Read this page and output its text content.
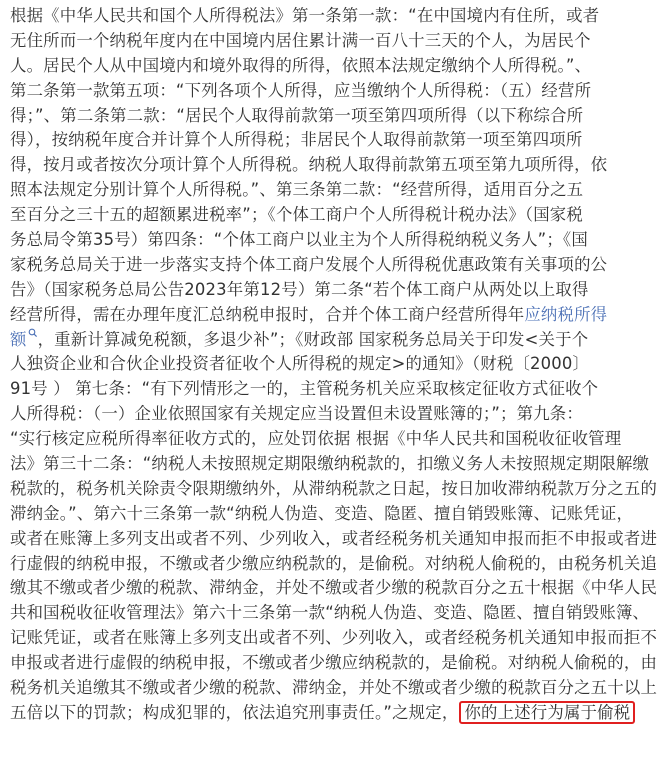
根据《中华人民共和国个人所得税法》第一条第一款：“在中国境内有住所，或者
无住所而一个纳税年度内在中国境内居住累计满一百八十三天的个人，为居民个
人。居民个人从中国境内和境外取得的所得，依照本法规定缴纳个人所得税。”、
第二条第一款第五项：“下列各项个人所得，应当缴纳个人所得税：（五）经营所
得；”、第二条第二款：“居民个人取得前款第一项至第四项所得（以下称综合所
得），按纳税年度合并计算个人所得税；非居民个人取得前款第一项至第四项所
得，按月或者按次分项计算个人所得税。纳税人取得前款第五项至第九项所得，依
照本法规定分别计算个人所得税。”、第三条第二款：“经营所得，适用百分之五
至百分之三十五的超额累进税率”；《个体工商户个人所得税计税办法》（国家税
务总局令第35号）第四条：“个体工商户以业主为个人所得税纳税义务人”；《国
家税务总局关于进一步落实支持个体工商户发展个人所得税优惠政策有关事项的公
告》（国家税务总局公告2023年第12号）第二条“若个体工商户从两处以上取得
经营所得，需在办理年度汇总纳税申报时，合并个体工商户经营所得年应纳税所得
额 ，重新计算减免税额，多退少补”；《财政部 国家税务总局关于印发<关于个
人独资企业和合伙企业投资者征收个人所得税的规定>的通知》（财税〔2000〕
91号 ） 第七条：“有下列情形之一的，主管税务机关应采取核定征收方式征收个
人所得税：（一）企业依照国家有关规定应当设置但未设置账簿的；”；第九条：
“实行核定应税所得率征收方式的，应处罚依据 根据《中华人民共和国税收征收管理
法》第三十二条：“纳税人未按照规定期限缴纳税款的，扣缴义务人未按照规定期限解缴
税款的，税务机关除责令限期缴纳外，从滞纳税款之日起，按日加收滞纳税款万分之五的
滞纳金。”、第六十三条第一款“纳税人伪造、变造、隐匿、擅自销毁账簿、记账凭证，
或者在账簿上多列支出或者不列、少列收入，或者经税务机关通知申报而拒不申报或者进
行虚假的纳税申报，不缴或者少缴应纳税款的，是偷税。对纳税人偷税的，由税务机关追
缴其不缴或者少缴的税款、滞纳金，并处不缴或者少缴的税款百分之五十根据《中华人民
共和国税收征收管理法》第六十三条第一款“纳税人伪造、变造、隐匿、擅自销毁账簿、
记账凭证，或者在账簿上多列支出或者不列、少列收入，或者经税务机关通知申报而拒不
申报或者进行虚假的纳税申报，不缴或者少缴应纳税款的，是偷税。对纳税人偷税的，由
税务机关追缴其不缴或者少缴的税款、滞纳金，并处不缴或者少缴的税款百分之五十以上
五倍以下的罚款；构成犯罪的，依法追究刑事责任。”之规定， 你的上述行为属于偷税
